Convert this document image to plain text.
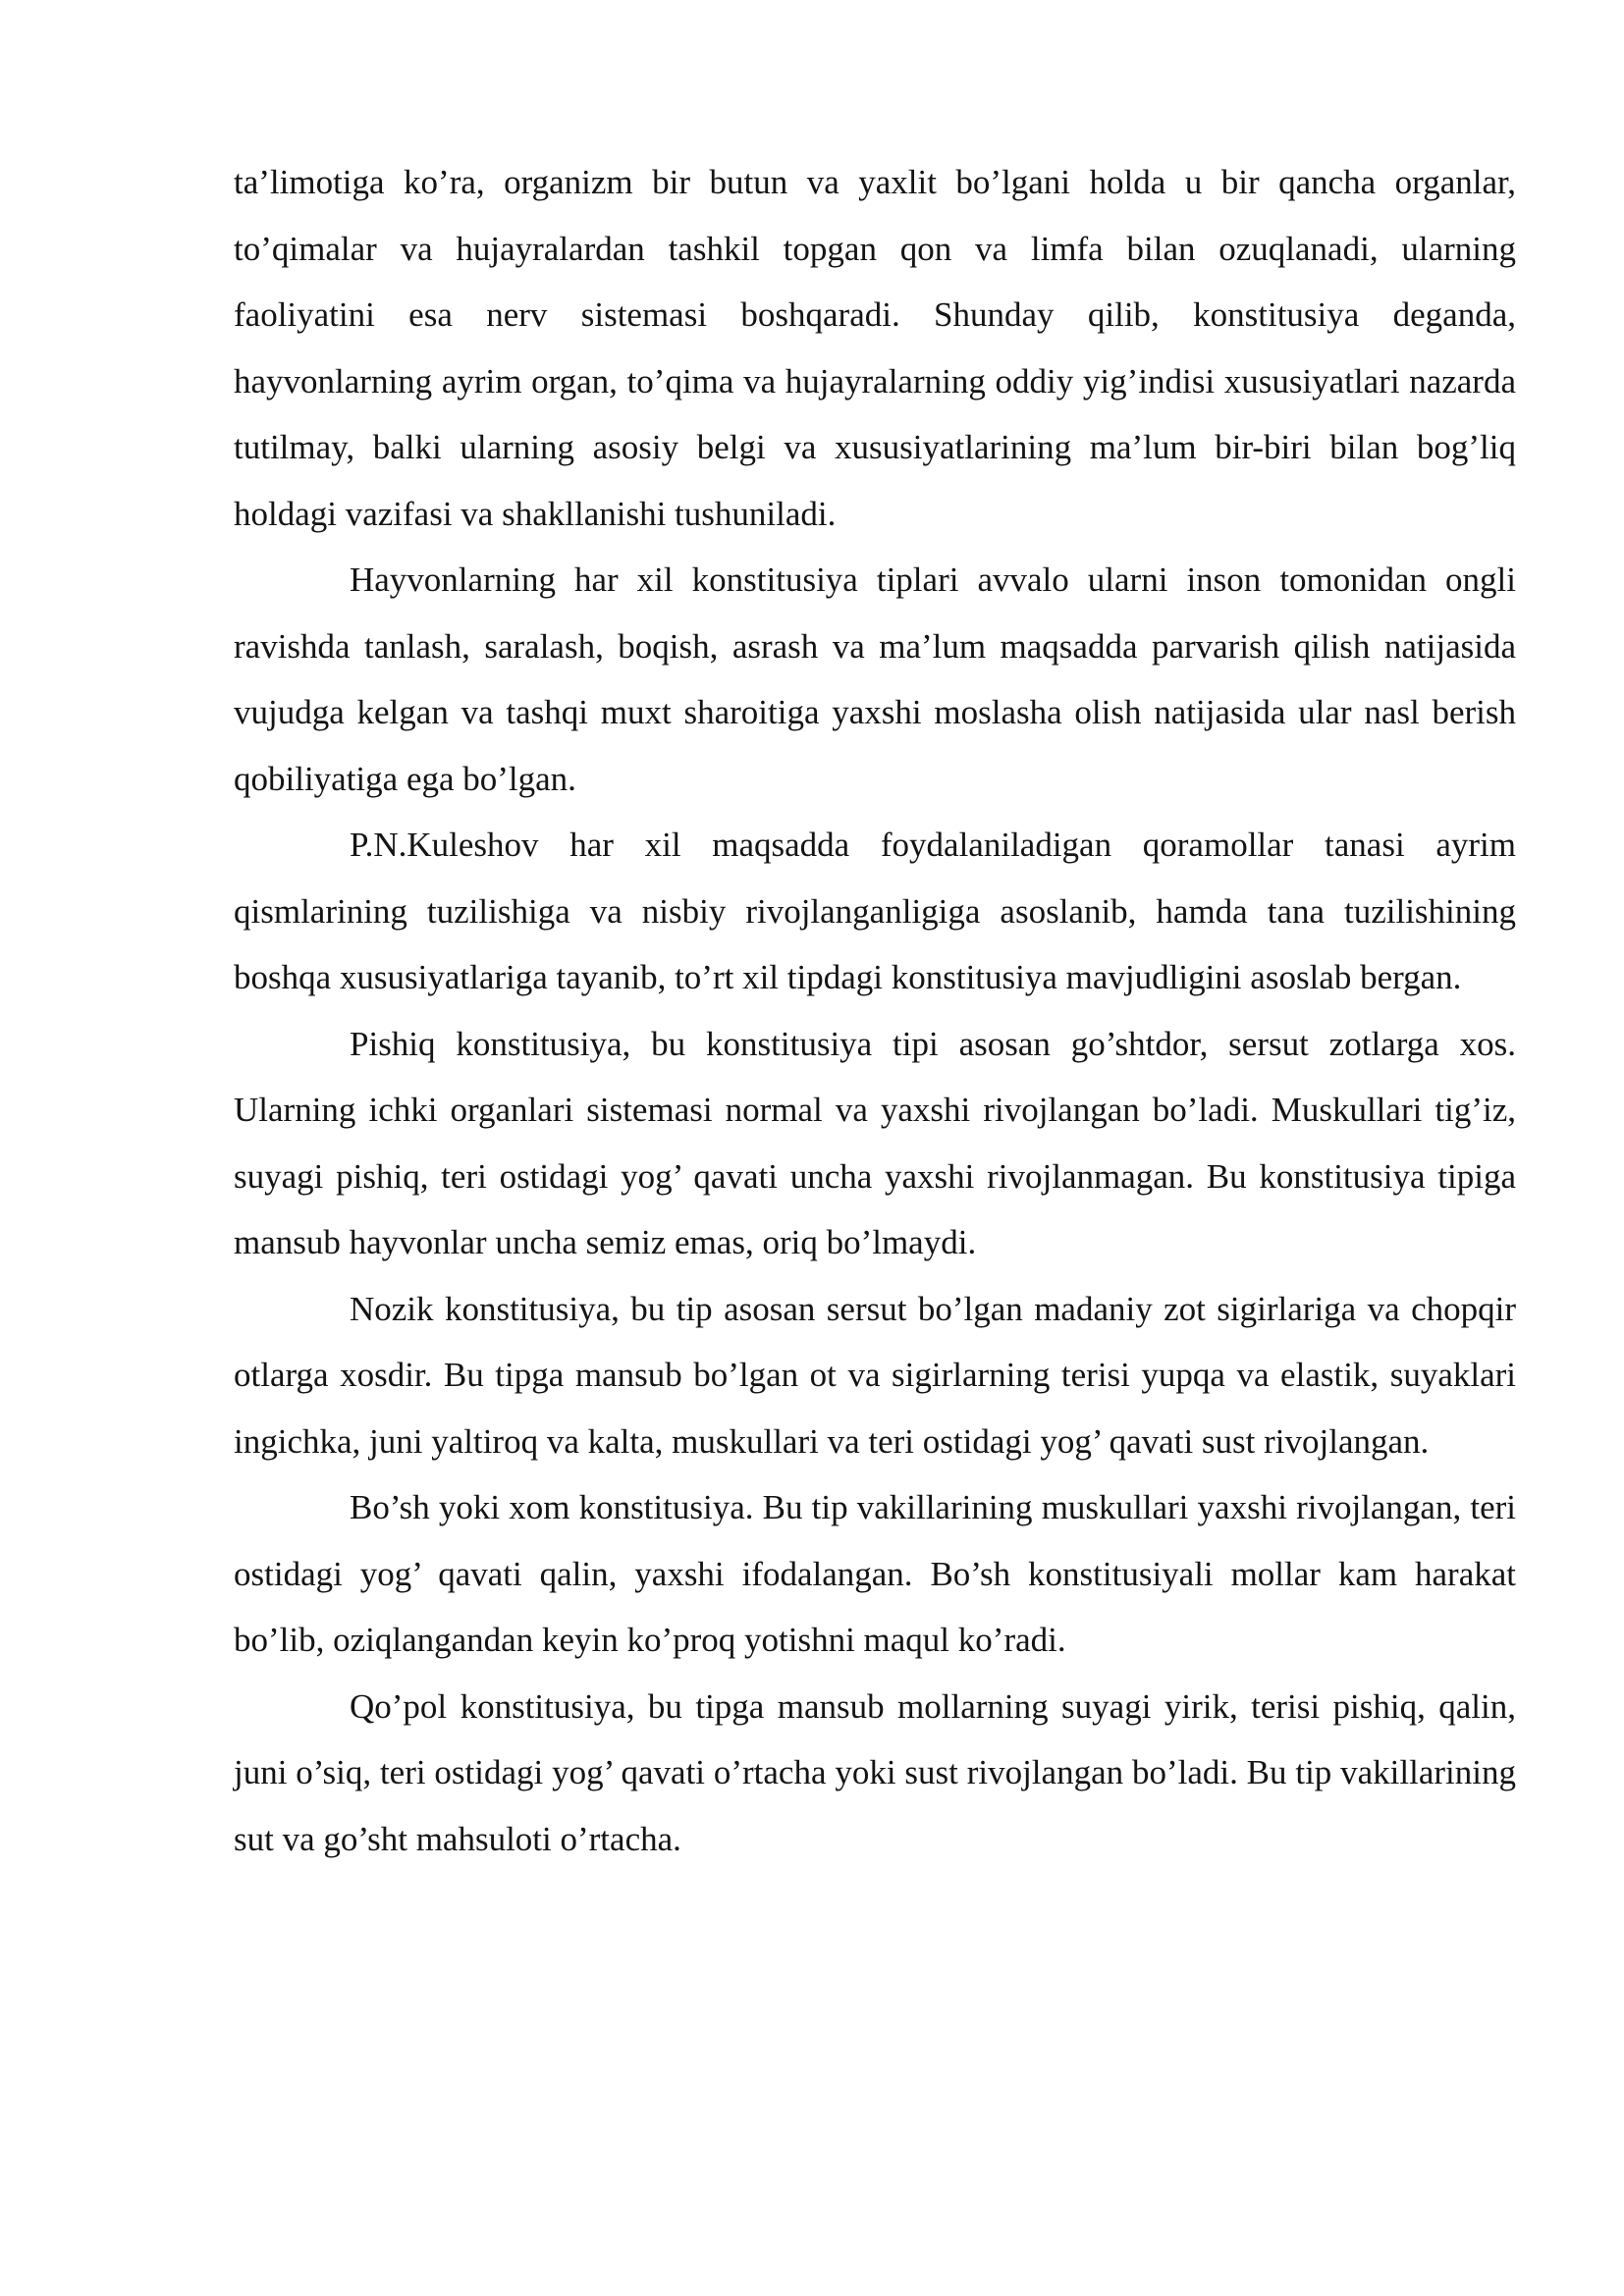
ta’limotiga ko’ra, organizm bir butun va yaxlit bo’lgani holda u bir qancha organlar, to’qimalar va hujayralardan tashkil topgan qon va limfa bilan ozuqlanadi, ularning faoliyatini esa nerv sistemasi boshqaradi. Shunday qilib, konstitusiya deganda, hayvonlarning ayrim organ, to’qima va hujayralarning oddiy yig’indisi xususiyatlari nazarda tutilmay, balki ularning asosiy belgi va xususiyatlarining ma’lum bir-biri bilan bog’liq holdagi vazifasi va shakllanishi tushuniladi.

Hayvonlarning har xil konstitusiya tiplari avvalo ularni inson tomonidan ongli ravishda tanlash, saralash, boqish, asrash va ma’lum maqsadda parvarish qilish natijasida vujudga kelgan va tashqi muxt sharoitiga yaxshi moslasha olish natijasida ular nasl berish qobiliyatiga ega bo’lgan.

P.N.Kuleshov har xil maqsadda foydalaniladigan qoramollar tanasi ayrim qismlarining tuzilishiga va nisbiy rivojlanganligiga asoslanib, hamda tana tuzilishining boshqa xususiyatlariga tayanib, to’rt xil tipdagi konstitusiya mavjudligini asoslab bergan.

Pishiq konstitusiya, bu konstitusiya tipi asosan go’shtdor, sersut zotlarga xos. Ularning ichki organlari sistemasi normal va yaxshi rivojlangan bo’ladi. Muskullari tig’iz, suyagi pishiq, teri ostidagi yog’ qavati uncha yaxshi rivojlanmagan. Bu konstitusiya tipiga mansub hayvonlar uncha semiz emas, oriq bo’lmaydi.

Nozik konstitusiya, bu tip asosan sersut bo’lgan madaniy zot sigirlariga va chopqir otlarga xosdir. Bu tipga mansub bo’lgan ot va sigirlarning terisi yupqa va elastik, suyaklari ingichka, juni yaltiroq va kalta, muskullari va teri ostidagi yog’ qavati sust rivojlangan.

Bo’sh yoki xom konstitusiya. Bu tip vakillarining muskullari yaxshi rivojlangan, teri ostidagi yog’ qavati qalin, yaxshi ifodalangan. Bo’sh konstitusiyali mollar kam harakat bo’lib, oziqlangandan keyin ko’proq yotishni maqul ko’radi.

Qo’pol konstitusiya, bu tipga mansub mollarning suyagi yirik, terisi pishiq, qalin, juni o’siq, teri ostidagi yog’ qavati o’rtacha yoki sust rivojlangan bo’ladi. Bu tip vakillarining sut va go’sht mahsuloti o’rtacha.
